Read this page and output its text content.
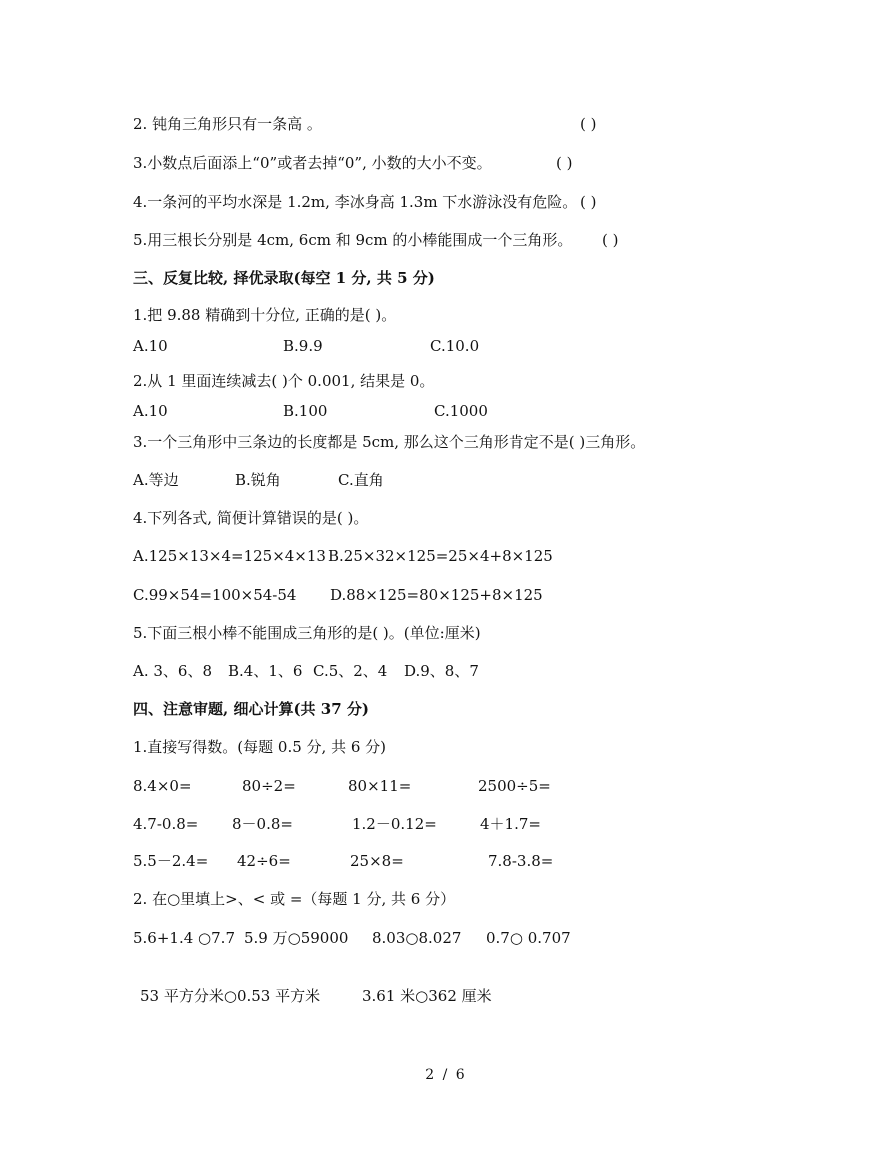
2. 钝角三角形只有一条高 。	( )
3.小数点后面添上“0”或者去掉“0”, 小数的大小不变。	( )
4.一条河的平均水深是 1.2m, 李冰身高 1.3m 下水游泳没有危险。 ( )
5.用三根长分别是 4cm, 6cm 和 9cm 的小棒能围成一个三角形。 ( )
三、反复比较, 择优录取(每空 1 分, 共 5 分)
1.把 9.88 精确到十分位, 正确的是( )。
A.10	B.9.9	C.10.0
2.从 1 里面连续减去( )个 0.001, 结果是 0。
A.10	B.100	C.1000
3.一个三角形中三条边的长度都是 5cm, 那么这个三角形肯定不是( )三角形。
A.等边	B.锐角	C.直角
4.下列各式, 简便计算错误的是( )。
A.125×13×4=125×4×13 B.25×32×125=25×4+8×125
C.99×54=100×54-54 D.88×125=80×125+8×125
5.下面三根小棒不能围成三角形的是( )。(单位:厘米)
A. 3、6、8 B.4、1、6 C.5、2、4 D.9、8、7
四、注意审题, 细心计算(共 37 分)
1.直接写得数。(每题 0.5 分, 共 6 分)
8.4×0=	80÷2=	80×11=	2500÷5=
4.7-0.8= 8－0.8=	1.2－0.12=	4＋1.7=
5.5－2.4= 42÷6=	25×8=	7.8-3.8=
2. 在○里填上>、< 或 =（每题 1 分, 共 6 分）
5.6+1.4 ○7.7 5.9 万○59000 8.03○8.027 0.7○ 0.707
53 平方分米○0.53 平方米	3.61 米○362 厘米
2 / 6
